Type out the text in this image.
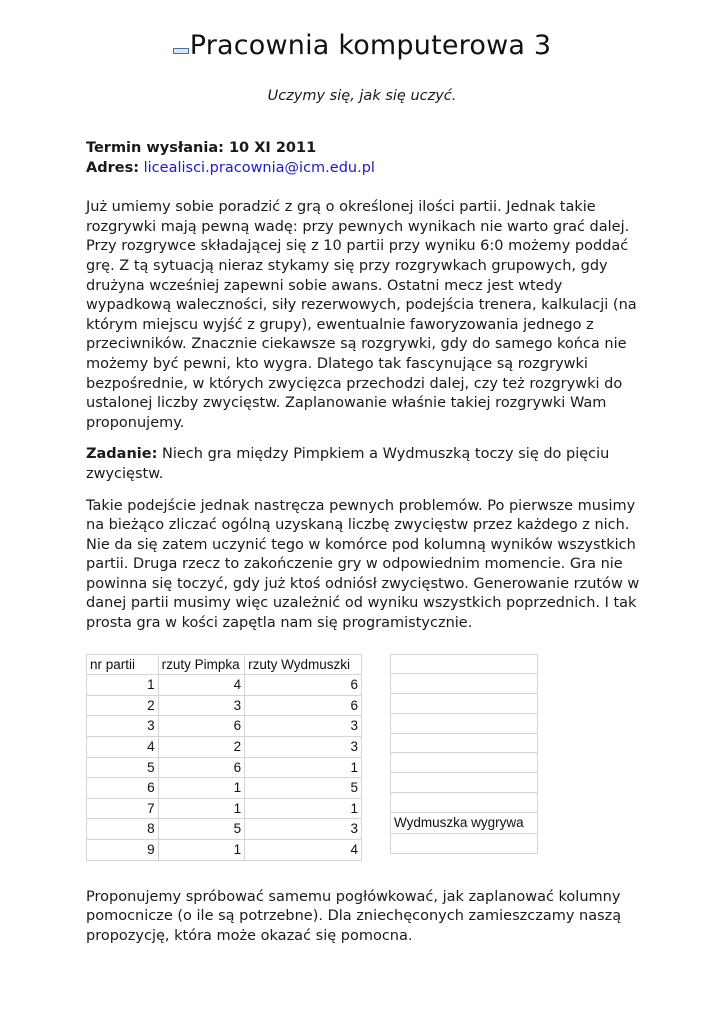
Pracownia komputerowa 3
Uczymy się, jak się uczyć.

Termin wysłania: 10 XI 2011

Adres: licealisci.pracownia@icm.edu.pl

Już umiemy sobie poradzić z grą o określonej ilości partii. Jednak takie rozgrywki mają pewną wadę: przy pewnych wynikach nie warto grać dalej. Przy rozgrywce składającej się z 10 partii przy wyniku 6:0 możemy poddać grę. Z tą sytuacją nieraz stykamy się przy rozgrywkach grupowych, gdy drużyna wcześniej zapewni sobie awans. Ostatni mecz jest wtedy wypadkową waleczności, siły rezerwowych, podejścia trenera, kalkulacji (na którym miejscu wyjść z grupy), ewentualnie faworyzowania jednego z przeciwników. Znacznie ciekawsze są rozgrywki, gdy do samego końca nie możemy być pewni, kto wygra. Dlatego tak fascynujące są rozgrywki bezpośrednie, w których zwycięzca przechodzi dalej, czy też rozgrywki do ustalonej liczby zwycięstw. Zaplanowanie właśnie takiej rozgrywki Wam proponujemy.

Zadanie: Niech gra między Pimpkiem a Wydmuszką toczy się do pięciu zwycięstw.

Takie podejście jednak nastręcza pewnych problemów. Po pierwsze musimy na bieżąco zliczać ogólną uzyskaną liczbę zwycięstw przez każdego z nich. Nie da się zatem uczynić tego w komórce pod kolumną wyników wszystkich partii. Druga rzecz to zakończenie gry w odpowiednim momencie. Gra nie powinna się toczyć, gdy już ktoś odniósł zwycięstwo. Generowanie rzutów w danej partii musimy więc uzależnić od wyniku wszystkich poprzednich. I tak prosta gra w kości zapętla nam się programistycznie.

nr partii	rzuty Pimpka	rzuty Wydmuszki
1	4	6
2	3	6
3	6	3
4	2	3
5	6	1
6	1	5
7	1	1
8	5	3
9	1	4

Wydmuszka wygrywa

Proponujemy spróbować samemu pogłówkować, jak zaplanować kolumny pomocnicze (o ile są potrzebne). Dla zniechęconych zamieszczamy naszą propozycję, która może okazać się pomocna.
